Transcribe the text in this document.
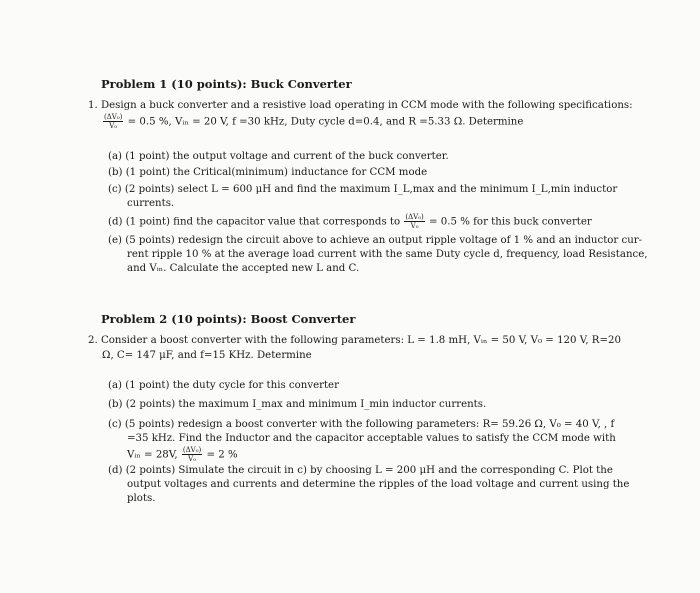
Problem 1 (10 points): Buck Converter
1. Design a buck converter and a resistive load operating in CCM mode with the following specifications:
$\frac{\text{(ΔV₀)}}{\text{V₀}} = 0.5$ %, Vᵢₙ = 20 V, f =30 kHz, Duty cycle d=0.4, and R =5.33 Ω. Determine
(a) (1 point) the output voltage and current of the buck converter.
(b) (1 point) the Critical(minimum) inductance for CCM mode
(c) (2 points) select L = 600 μH and find the maximum I_L,max and the minimum I_L,min inductor
currents.
(d) (1 point) find the capacitor value that corresponds to $\frac{\text{(ΔV₀)}}{\text{V₀}} = 0.5$ % for this buck converter
(e) (5 points) redesign the circuit above to achieve an output ripple voltage of 1 % and an inductor cur-
rent ripple 10 % at the average load current with the same Duty cycle d, frequency, load Resistance,
and Vᵢₙ. Calculate the accepted new L and C.
Problem 2 (10 points): Boost Converter
2. Consider a boost converter with the following parameters: L = 1.8 mH, Vᵢₙ = 50 V, V₀ = 120 V, R=20
Ω, C= 147 μF, and f=15 KHz. Determine
(a) (1 point) the duty cycle for this converter
(b) (2 points) the maximum I_max and minimum I_min inductor currents.
(c) (5 points) redesign a boost converter with the following parameters: R= 59.26 Ω, V₀ = 40 V, , f
=35 kHz. Find the Inductor and the capacitor acceptable values to satisfy the CCM mode with
Vᵢₙ = 28V, $\frac{\text{(ΔV₀)}}{\text{V₀}} = 2$ %
(d) (2 points) Simulate the circuit in c) by choosing L = 200 μH and the corresponding C. Plot the
output voltages and currents and determine the ripples of the load voltage and current using the
plots.
